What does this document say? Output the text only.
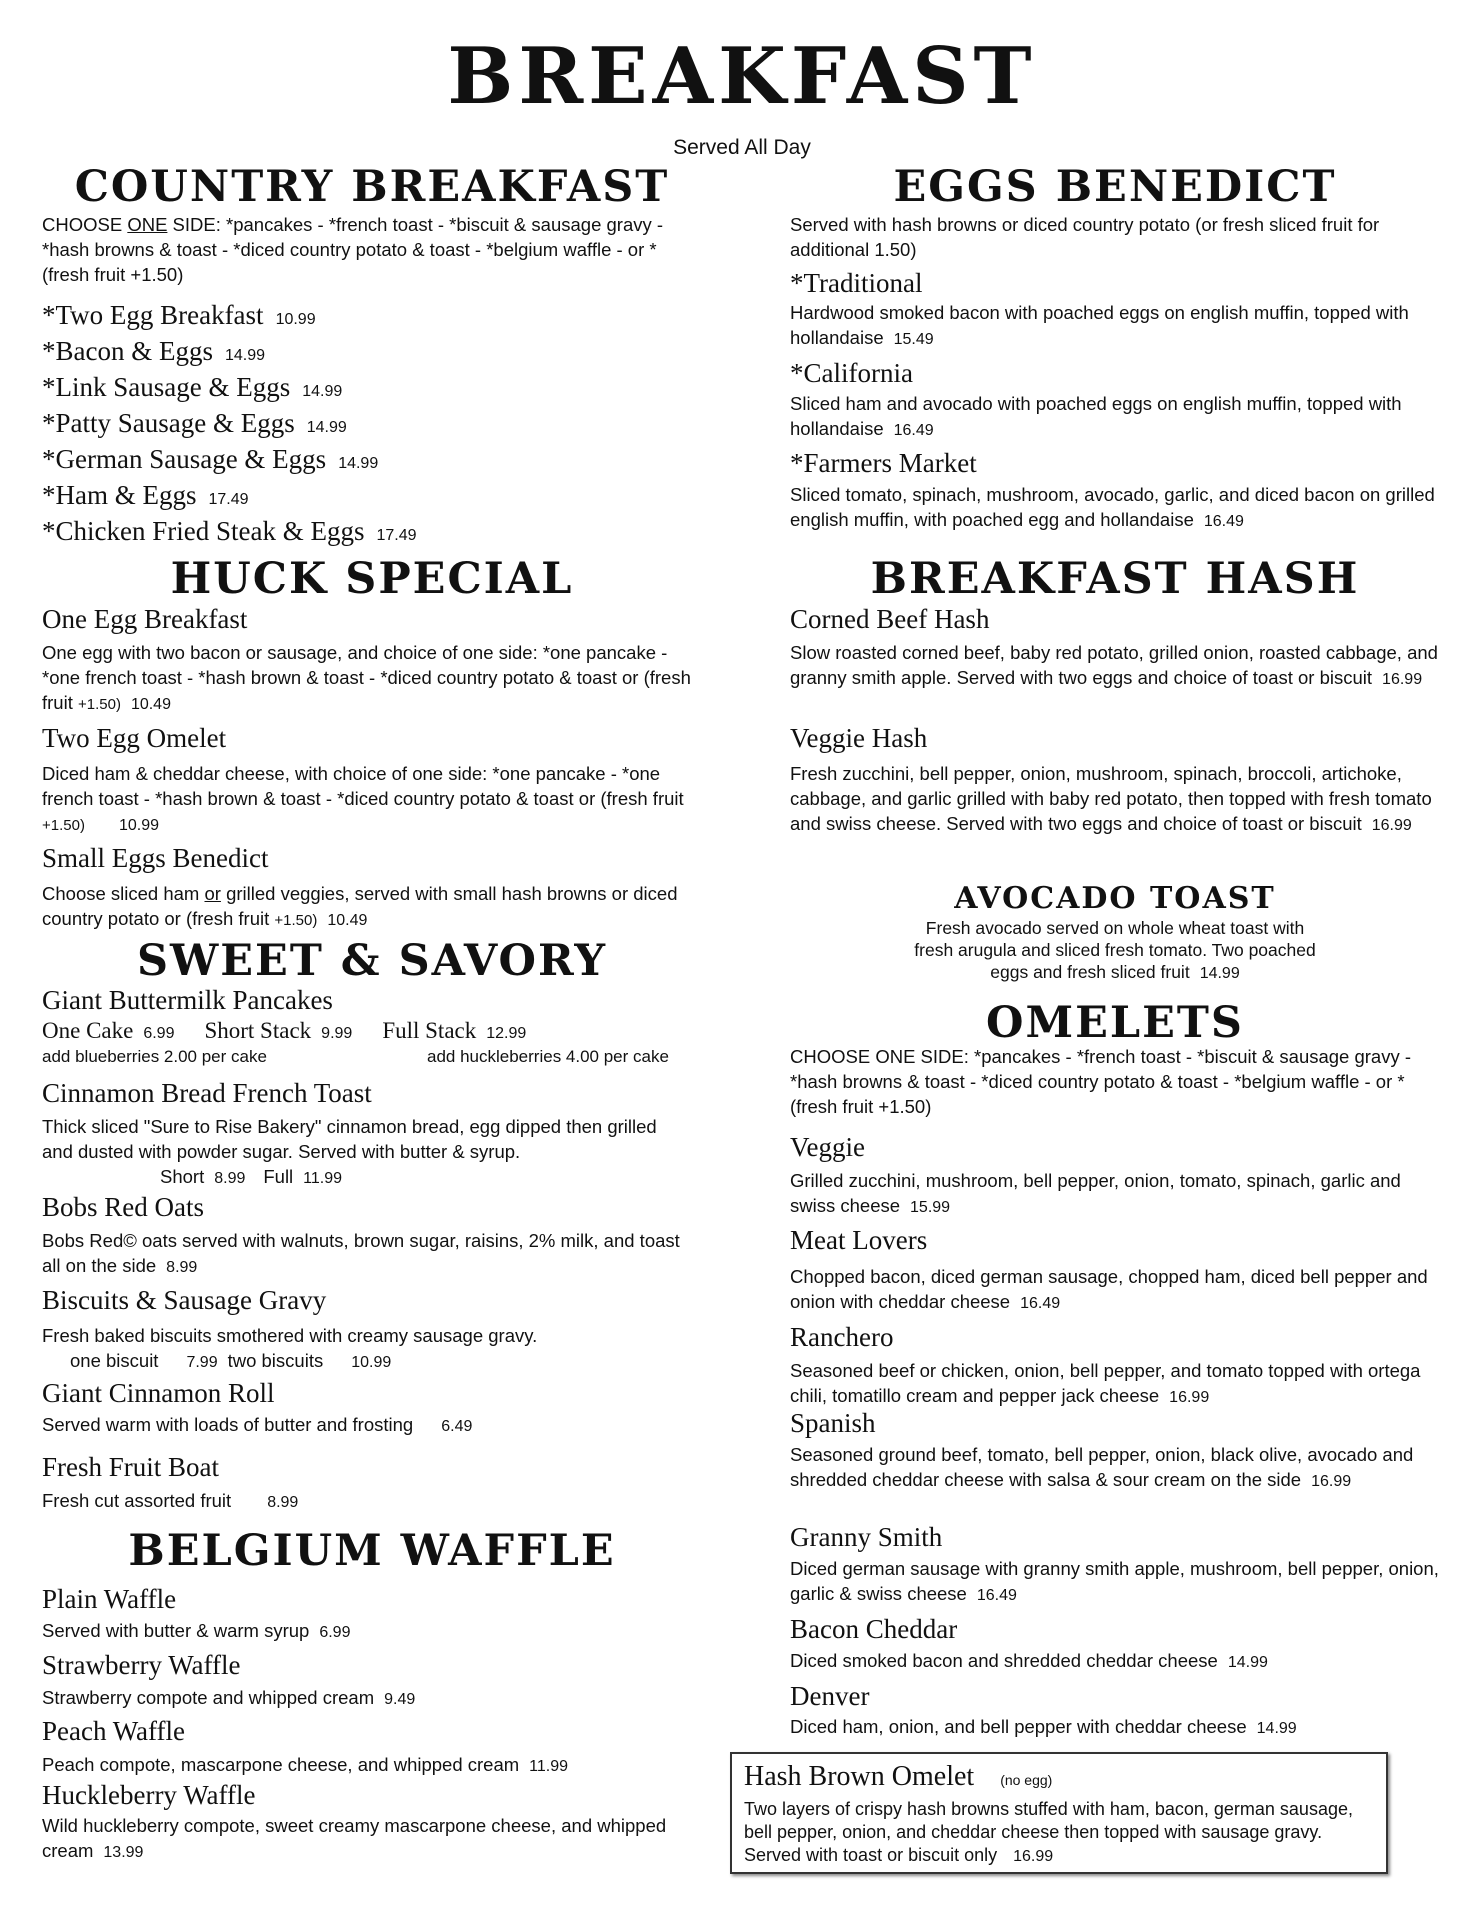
BREAKFAST

Served All Day

COUNTRY BREAKFAST

CHOOSE ONE SIDE: *pancakes - *french toast - *biscuit & sausage gravy - *hash browns & toast - *diced country potato & toast - *belgium waffle - or *(fresh fruit +1.50)

*Two Egg Breakfast 10.99

*Bacon & Eggs 14.99

*Link Sausage & Eggs 14.99

*Patty Sausage & Eggs 14.99

*German Sausage & Eggs 14.99

*Ham & Eggs 17.49

*Chicken Fried Steak & Eggs 17.49

HUCK SPECIAL

One Egg Breakfast

One egg with two bacon or sausage, and choice of one side: *one pancake - *one french toast - *hash brown & toast - *diced country potato & toast or (fresh fruit +1.50) 10.49

Two Egg Omelet

Diced ham & cheddar cheese, with choice of one side: *one pancake - *one french toast - *hash brown & toast - *diced country potato & toast or (fresh fruit +1.50) 10.99

Small Eggs Benedict

Choose sliced ham or grilled veggies, served with small hash browns or diced country potato or (fresh fruit +1.50) 10.49

SWEET & SAVORY

Giant Buttermilk Pancakes

One Cake 6.99 Short Stack 9.99 Full Stack 12.99

add blueberries 2.00 per cake	add huckleberries 4.00 per cake

Cinnamon Bread French Toast

Thick sliced "Sure to Rise Bakery" cinnamon bread, egg dipped then grilled and dusted with powder sugar. Served with butter & syrup.

Short 8.99 Full 11.99

Bobs Red Oats

Bobs Red© oats served with walnuts, brown sugar, raisins, 2% milk, and toast all on the side 8.99

Biscuits & Sausage Gravy

Fresh baked biscuits smothered with creamy sausage gravy.

one biscuit 7.99 two biscuits 10.99

Giant Cinnamon Roll

Served warm with loads of butter and frosting 6.49

Fresh Fruit Boat

Fresh cut assorted fruit 8.99

BELGIUM WAFFLE

Plain Waffle

Served with butter & warm syrup 6.99

Strawberry Waffle

Strawberry compote and whipped cream 9.49

Peach Waffle

Peach compote, mascarpone cheese, and whipped cream 11.99

Huckleberry Waffle

Wild huckleberry compote, sweet creamy mascarpone cheese, and whipped cream 13.99

EGGS BENEDICT

Served with hash browns or diced country potato (or fresh sliced fruit for additional 1.50)

*Traditional

Hardwood smoked bacon with poached eggs on english muffin, topped with hollandaise 15.49

*California

Sliced ham and avocado with poached eggs on english muffin, topped with hollandaise 16.49

*Farmers Market

Sliced tomato, spinach, mushroom, avocado, garlic, and diced bacon on grilled english muffin, with poached egg and hollandaise 16.49

BREAKFAST HASH

Corned Beef Hash

Slow roasted corned beef, baby red potato, grilled onion, roasted cabbage, and granny smith apple. Served with two eggs and choice of toast or biscuit 16.99

Veggie Hash

Fresh zucchini, bell pepper, onion, mushroom, spinach, broccoli, artichoke, cabbage, and garlic grilled with baby red potato, then topped with fresh tomato and swiss cheese. Served with two eggs and choice of toast or biscuit 16.99

AVOCADO TOAST

Fresh avocado served on whole wheat toast with
fresh arugula and sliced fresh tomato. Two poached
eggs and fresh sliced fruit 14.99

OMELETS

CHOOSE ONE SIDE: *pancakes - *french toast - *biscuit & sausage gravy - *hash browns & toast - *diced country potato & toast - *belgium waffle - or *(fresh fruit +1.50)

Veggie

Grilled zucchini, mushroom, bell pepper, onion, tomato, spinach, garlic and swiss cheese 15.99

Meat Lovers

Chopped bacon, diced german sausage, chopped ham, diced bell pepper and onion with cheddar cheese 16.49

Ranchero

Seasoned beef or chicken, onion, bell pepper, and tomato topped with ortega chili, tomatillo cream and pepper jack cheese 16.99

Spanish

Seasoned ground beef, tomato, bell pepper, onion, black olive, avocado and shredded cheddar cheese with salsa & sour cream on the side 16.99

Granny Smith

Diced german sausage with granny smith apple, mushroom, bell pepper, onion, garlic & swiss cheese 16.49

Bacon Cheddar

Diced smoked bacon and shredded cheddar cheese 14.99

Denver

Diced ham, onion, and bell pepper with cheddar cheese 14.99

Hash Brown Omelet (no egg)

Two layers of crispy hash browns stuffed with ham, bacon, german sausage, bell pepper, onion, and cheddar cheese then topped with sausage gravy. Served with toast or biscuit only 16.99
